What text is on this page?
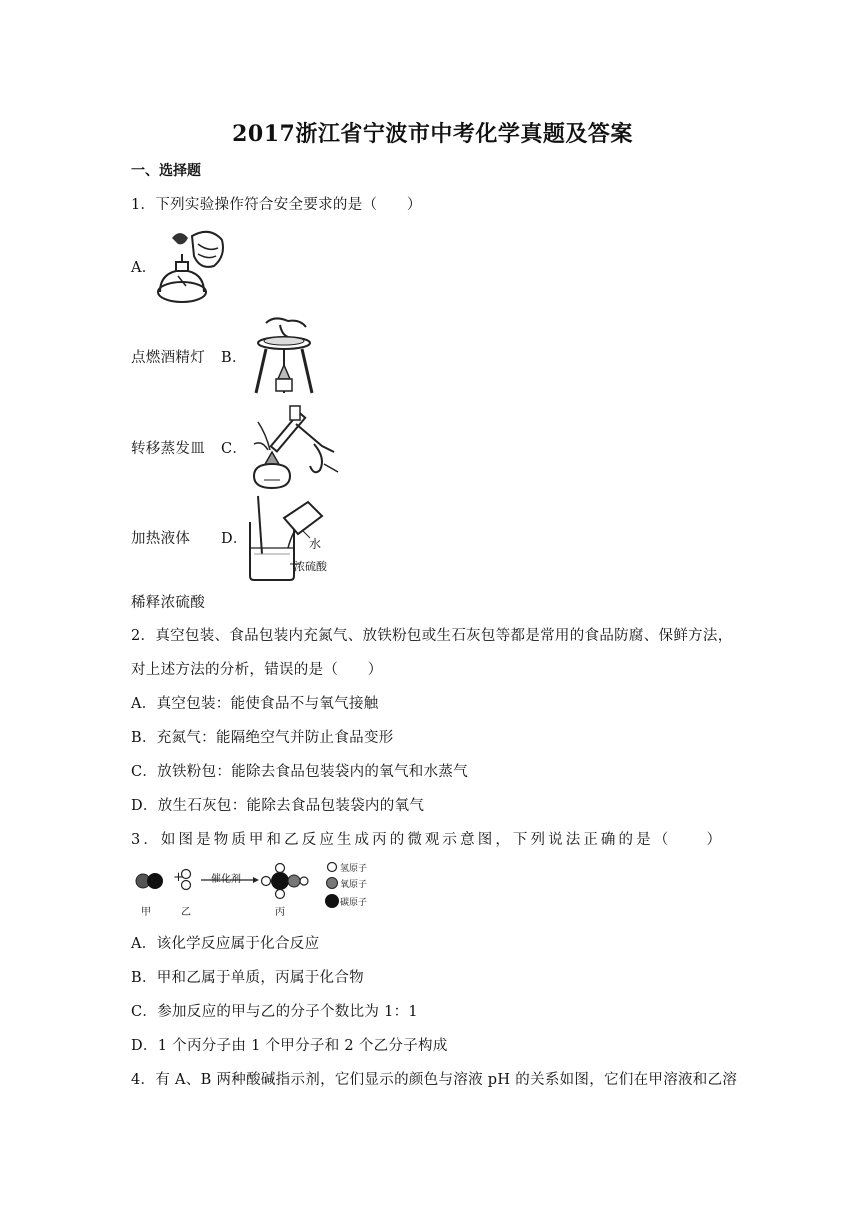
2017浙江省宁波市中考化学真题及答案
一、选择题
1．下列实验操作符合安全要求的是（　　）
A．
点燃酒精灯 B．
转移蒸发皿 C．
加热液体 D．	水
浓硫酸
稀释浓硫酸
2．真空包装、食品包装内充氮气、放铁粉包或生石灰包等都是常用的食品防腐、保鲜方法，
对上述方法的分析，错误的是（　　）
A．真空包装：能使食品不与氧气接触
B．充氮气：能隔绝空气并防止食品变形
C．放铁粉包：能除去食品包装袋内的氧气和水蒸气
D．放生石灰包：能除去食品包装袋内的氧气
3．如图是物质甲和乙反应生成丙的微观示意图，下列说法正确的是（　　）
+	催化剂
甲	乙	丙
氢原子
氧原子
碳原子
A．该化学反应属于化合反应
B．甲和乙属于单质，丙属于化合物
C．参加反应的甲与乙的分子个数比为 1：1
D．1 个丙分子由 1 个甲分子和 2 个乙分子构成
4．有 A、B 两种酸碱指示剂，它们显示的颜色与溶液 pH 的关系如图，它们在甲溶液和乙溶
